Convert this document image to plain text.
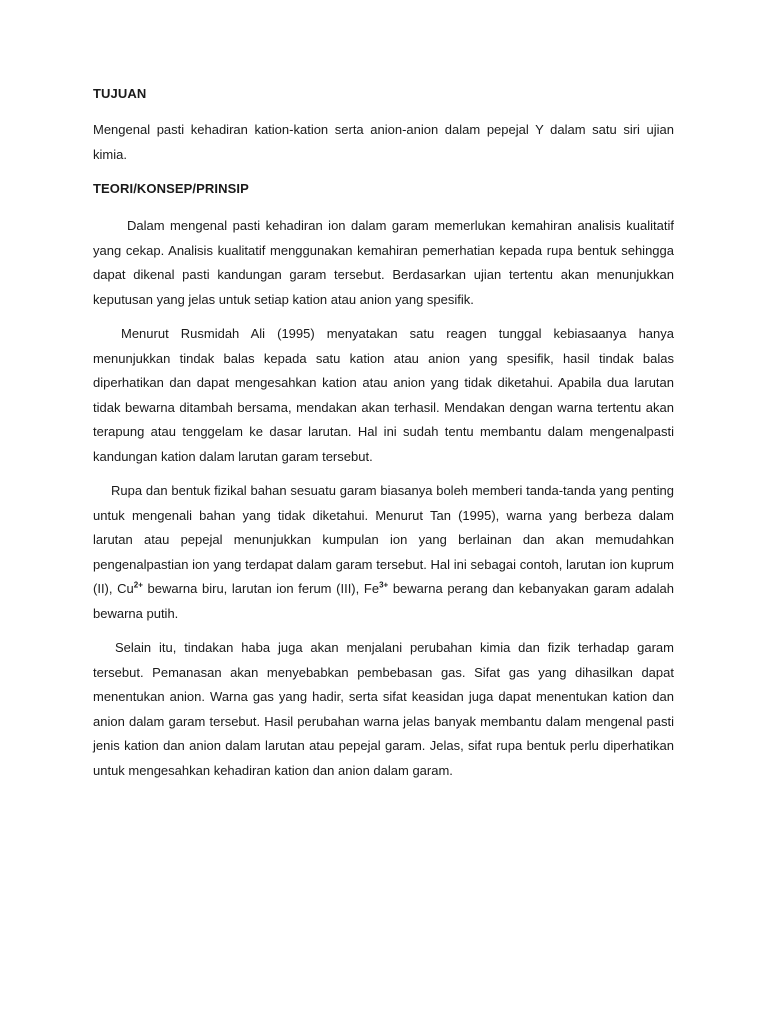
TUJUAN

Mengenal pasti kehadiran kation-kation serta anion-anion dalam pepejal Y dalam satu siri ujian kimia.

TEORI/KONSEP/PRINSIP

Dalam mengenal pasti kehadiran ion dalam garam memerlukan kemahiran analisis kualitatif yang cekap. Analisis kualitatif menggunakan kemahiran pemerhatian kepada rupa bentuk sehingga dapat dikenal pasti kandungan garam tersebut. Berdasarkan ujian tertentu akan menunjukkan keputusan yang jelas untuk setiap kation atau anion yang spesifik.

Menurut Rusmidah Ali (1995) menyatakan satu reagen tunggal kebiasaanya hanya menunjukkan tindak balas kepada satu kation atau anion yang spesifik, hasil tindak balas diperhatikan dan dapat mengesahkan kation atau anion yang tidak diketahui. Apabila dua larutan tidak bewarna ditambah bersama, mendakan akan terhasil. Mendakan dengan warna tertentu akan terapung atau tenggelam ke dasar larutan. Hal ini sudah tentu membantu dalam mengenalpasti kandungan kation dalam larutan garam tersebut.

Rupa dan bentuk fizikal bahan sesuatu garam biasanya boleh memberi tanda-tanda yang penting untuk mengenali bahan yang tidak diketahui. Menurut Tan (1995), warna yang berbeza dalam larutan atau pepejal menunjukkan kumpulan ion yang berlainan dan akan memudahkan pengenalpastian ion yang terdapat dalam garam tersebut. Hal ini sebagai contoh, larutan ion kuprum (II), $Cu^{2+}$ bewarna biru, larutan ion ferum (III), $Fe^{3+}$ bewarna perang dan kebanyakan garam adalah bewarna putih.

Selain itu, tindakan haba juga akan menjalani perubahan kimia dan fizik terhadap garam tersebut. Pemanasan akan menyebabkan pembebasan gas. Sifat gas yang dihasilkan dapat menentukan anion. Warna gas yang hadir, serta sifat keasidan juga dapat menentukan kation dan anion dalam garam tersebut. Hasil perubahan warna jelas banyak membantu dalam mengenal pasti jenis kation dan anion dalam larutan atau pepejal garam. Jelas, sifat rupa bentuk perlu diperhatikan untuk mengesahkan kehadiran kation dan anion dalam garam.
